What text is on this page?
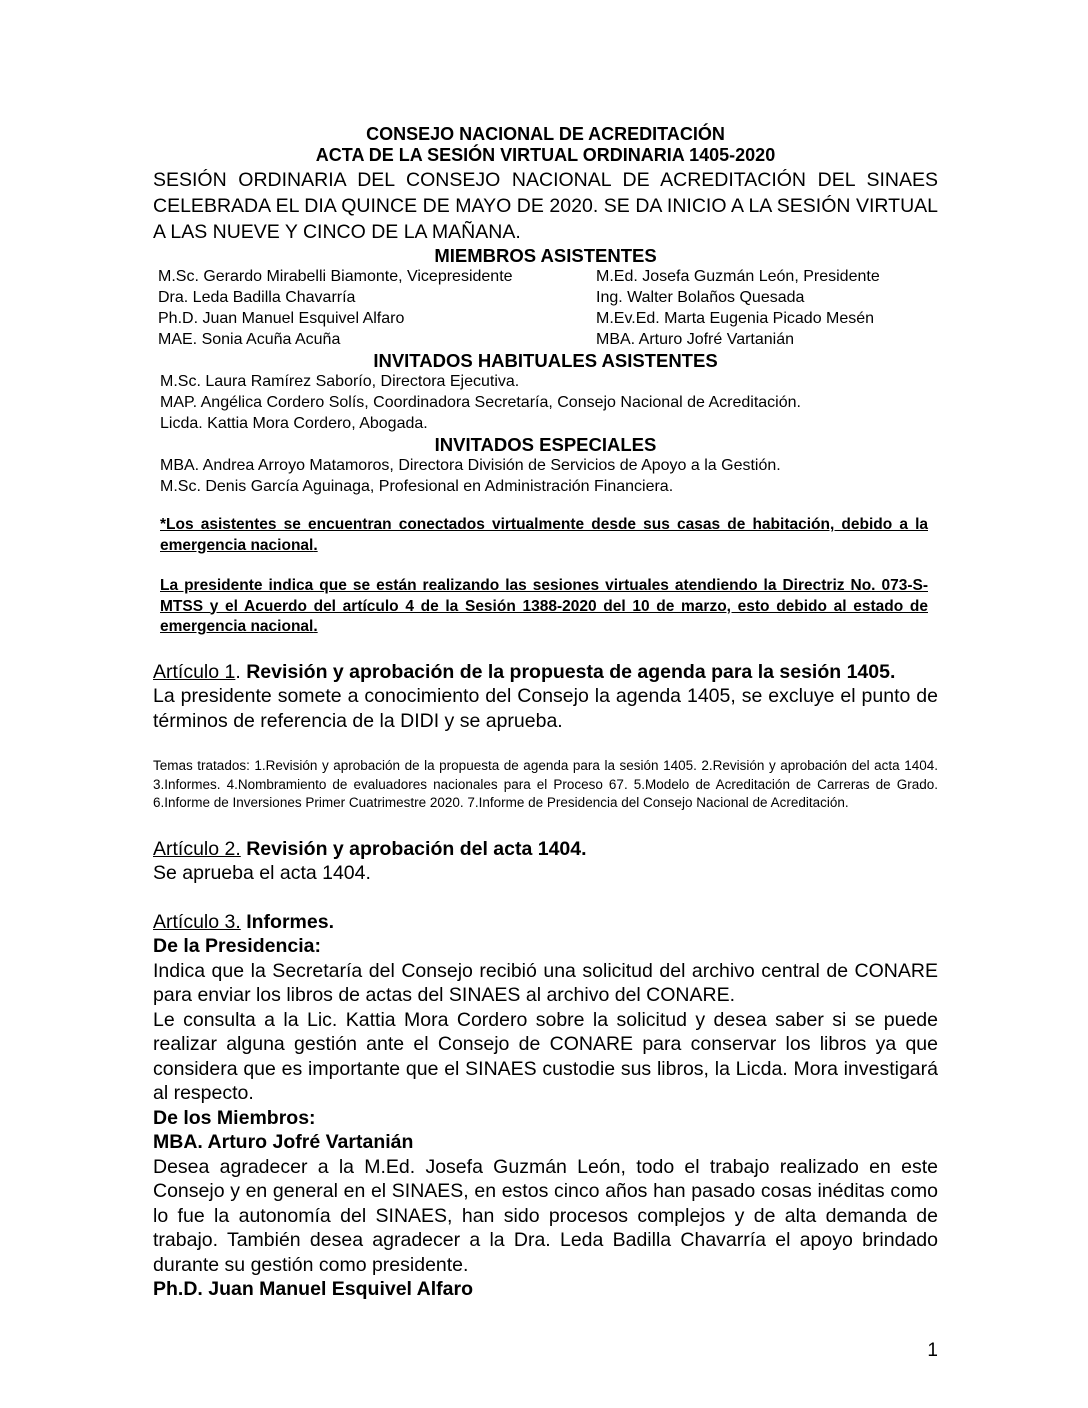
CONSEJO NACIONAL DE ACREDITACIÓN
ACTA DE LA SESIÓN VIRTUAL ORDINARIA 1405-2020
SESIÓN ORDINARIA DEL CONSEJO NACIONAL DE ACREDITACIÓN DEL SINAES CELEBRADA EL DIA QUINCE DE MAYO DE 2020. SE DA INICIO A LA SESIÓN VIRTUAL A LAS NUEVE Y CINCO DE LA MAÑANA.
MIEMBROS ASISTENTES
M.Sc. Gerardo Mirabelli Biamonte, Vicepresidente	M.Ed. Josefa Guzmán León, Presidente
Dra. Leda Badilla Chavarría	Ing. Walter Bolaños Quesada
Ph.D. Juan Manuel Esquivel Alfaro	M.Ev.Ed. Marta Eugenia Picado Mesén
MAE. Sonia Acuña Acuña	MBA. Arturo Jofré Vartanián
INVITADOS HABITUALES ASISTENTES
M.Sc. Laura Ramírez Saborío, Directora Ejecutiva.
MAP. Angélica Cordero Solís, Coordinadora Secretaría, Consejo Nacional de Acreditación.
Licda. Kattia Mora Cordero, Abogada.
INVITADOS ESPECIALES
MBA. Andrea Arroyo Matamoros, Directora División de Servicios de Apoyo a la Gestión.
M.Sc. Denis García Aguinaga, Profesional en Administración Financiera.
*Los asistentes se encuentran conectados virtualmente desde sus casas de habitación, debido a la emergencia nacional.
La presidente indica que se están realizando las sesiones virtuales atendiendo la Directriz No. 073-S-MTSS y el Acuerdo del artículo 4 de la Sesión 1388-2020 del 10 de marzo, esto debido al estado de emergencia nacional.
Artículo 1. Revisión y aprobación de la propuesta de agenda para la sesión 1405.
La presidente somete a conocimiento del Consejo la agenda 1405, se excluye el punto de términos de referencia de la DIDI y se aprueba.
Temas tratados: 1.Revisión y aprobación de la propuesta de agenda para la sesión 1405. 2.Revisión y aprobación del acta 1404. 3.Informes. 4.Nombramiento de evaluadores nacionales para el Proceso 67. 5.Modelo de Acreditación de Carreras de Grado. 6.Informe de Inversiones Primer Cuatrimestre 2020. 7.Informe de Presidencia del Consejo Nacional de Acreditación.
Artículo 2. Revisión y aprobación del acta 1404.
Se aprueba el acta 1404.
Artículo 3. Informes.
De la Presidencia:
Indica que la Secretaría del Consejo recibió una solicitud del archivo central de CONARE para enviar los libros de actas del SINAES al archivo del CONARE.
Le consulta a la Lic. Kattia Mora Cordero sobre la solicitud y desea saber si se puede realizar alguna gestión ante el Consejo de CONARE para conservar los libros ya que considera que es importante que el SINAES custodie sus libros, la Licda. Mora investigará al respecto.
De los Miembros:
MBA. Arturo Jofré Vartanián
Desea agradecer a la M.Ed. Josefa Guzmán León, todo el trabajo realizado en este Consejo y en general en el SINAES, en estos cinco años han pasado cosas inéditas como lo fue la autonomía del SINAES, han sido procesos complejos y de alta demanda de trabajo. También desea agradecer a la Dra. Leda Badilla Chavarría el apoyo brindado durante su gestión como presidente.
Ph.D. Juan Manuel Esquivel Alfaro
1
